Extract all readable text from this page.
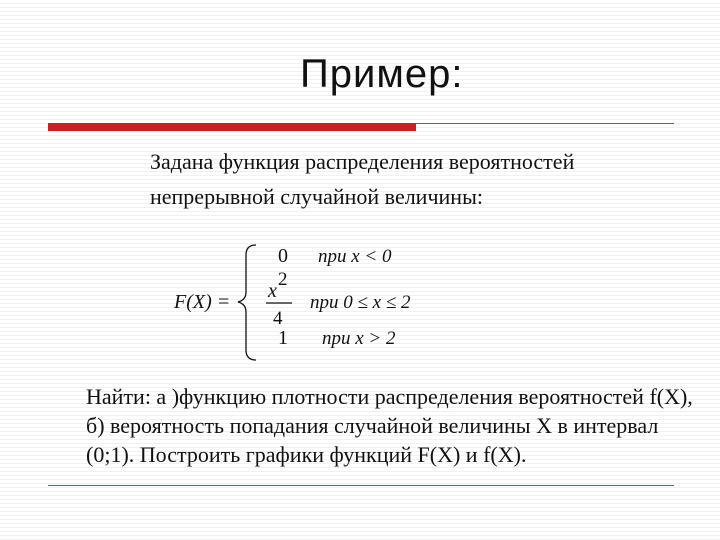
Пример:
Задана функция распределения вероятностей
непрерывной случайной величины:
F(X) =
0 при x < 0
x
2
4
при 0 ≤ x ≤ 2
1 при x > 2
Найти: а )функцию плотности распределения вероятностей f(X), б) вероятность попадания случайной величины X в интервал (0;1). Построить графики функций F(X) и f(X).
